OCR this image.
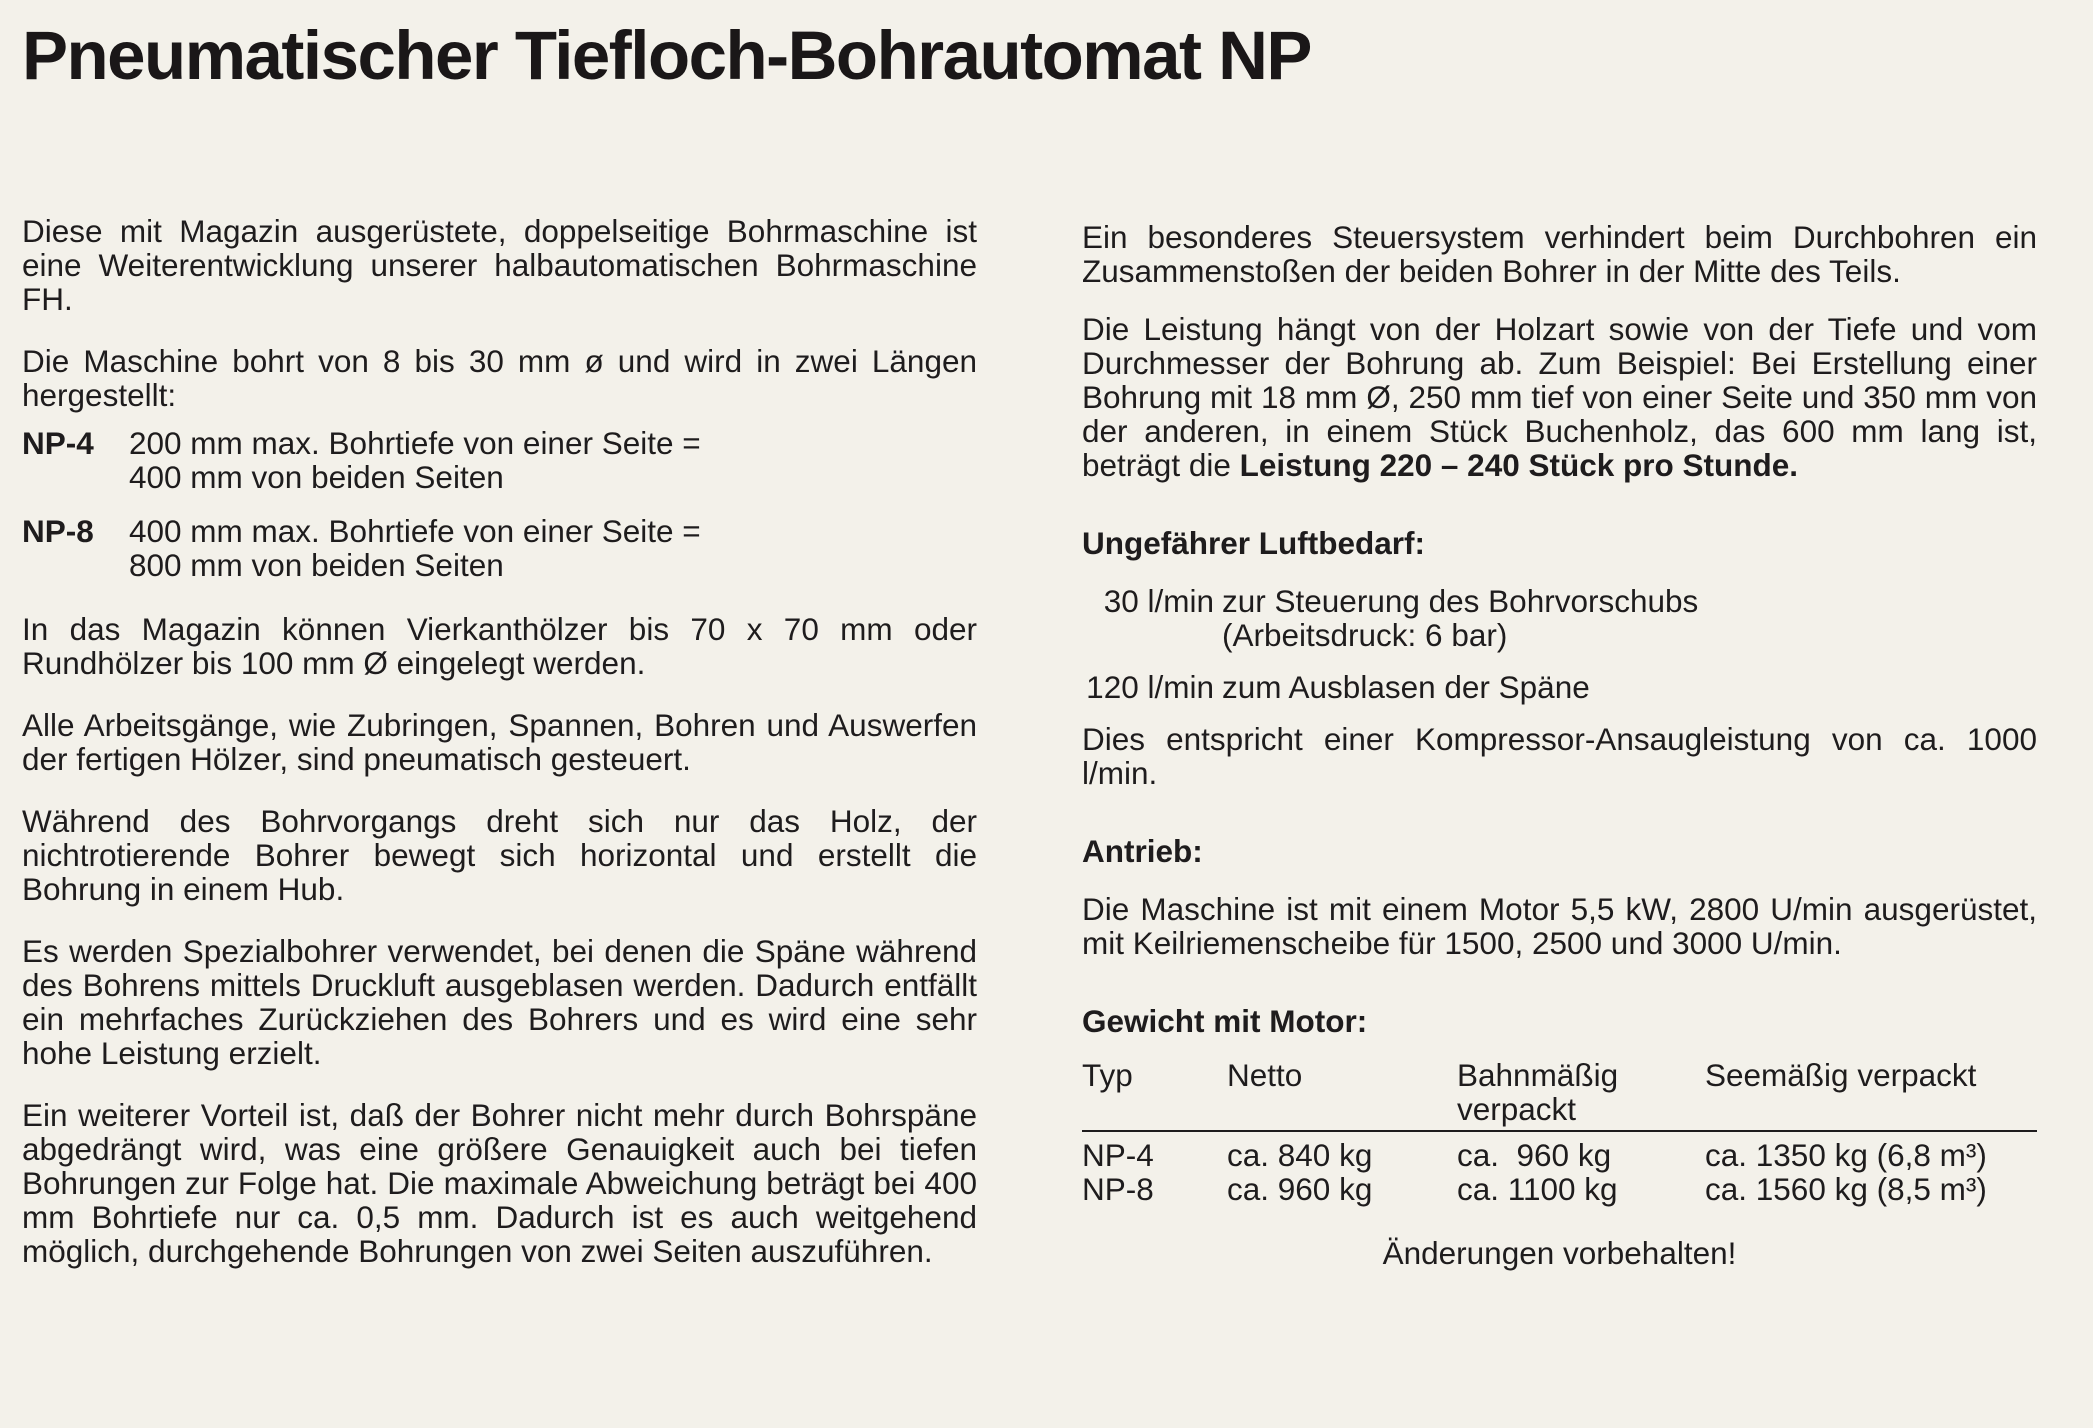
Pneumatischer Tiefloch-Bohrautomat NP

Diese mit Magazin ausgerüstete, doppelseitige Bohrmaschine ist eine Weiterentwicklung unserer halbautomatischen Bohrmaschine FH.

Die Maschine bohrt von 8 bis 30 mm ø und wird in zwei Längen hergestellt:

NP-4	200 mm max. Bohrtiefe von einer Seite =
400 mm von beiden Seiten
NP-8	400 mm max. Bohrtiefe von einer Seite =
800 mm von beiden Seiten

In das Magazin können Vierkanthölzer bis 70 x 70 mm oder Rundhölzer bis 100 mm Ø eingelegt werden.

Alle Arbeitsgänge, wie Zubringen, Spannen, Bohren und Auswerfen der fertigen Hölzer, sind pneumatisch gesteuert.

Während des Bohrvorgangs dreht sich nur das Holz, der nichtrotierende Bohrer bewegt sich horizontal und erstellt die Bohrung in einem Hub.

Es werden Spezialbohrer verwendet, bei denen die Späne während des Bohrens mittels Druckluft ausgeblasen werden. Dadurch entfällt ein mehrfaches Zurückziehen des Bohrers und es wird eine sehr hohe Leistung erzielt.

Ein weiterer Vorteil ist, daß der Bohrer nicht mehr durch Bohrspäne abgedrängt wird, was eine größere Genauigkeit auch bei tiefen Bohrungen zur Folge hat. Die maximale Abweichung beträgt bei 400 mm Bohrtiefe nur ca. 0,5 mm. Dadurch ist es auch weitgehend möglich, durchgehende Bohrungen von zwei Seiten auszuführen.

Ein besonderes Steuersystem verhindert beim Durchbohren ein Zusammenstoßen der beiden Bohrer in der Mitte des Teils.

Die Leistung hängt von der Holzart sowie von der Tiefe und vom Durchmesser der Bohrung ab. Zum Beispiel: Bei Erstellung einer Bohrung mit 18 mm Ø, 250 mm tief von einer Seite und 350 mm von der anderen, in einem Stück Buchenholz, das 600 mm lang ist, beträgt die Leistung 220 – 240 Stück pro Stunde.

Ungefährer Luftbedarf:

30 l/min zur Steuerung des Bohrvorschubs
(Arbeitsdruck: 6 bar)
120 l/min zum Ausblasen der Späne

Dies entspricht einer Kompressor-Ansaugleistung von ca. 1000 l/min.

Antrieb:

Die Maschine ist mit einem Motor 5,5 kW, 2800 U/min ausgerüstet, mit Keilriemenscheibe für 1500, 2500 und 3000 U/min.

Gewicht mit Motor:

Typ	Netto	Bahnmäßig verpackt	Seemäßig verpackt
NP-4	ca. 840 kg	ca.  960 kg	ca. 1350 kg (6,8 m³)
NP-8	ca. 960 kg	ca. 1100 kg	ca. 1560 kg (8,5 m³)

Änderungen vorbehalten!
